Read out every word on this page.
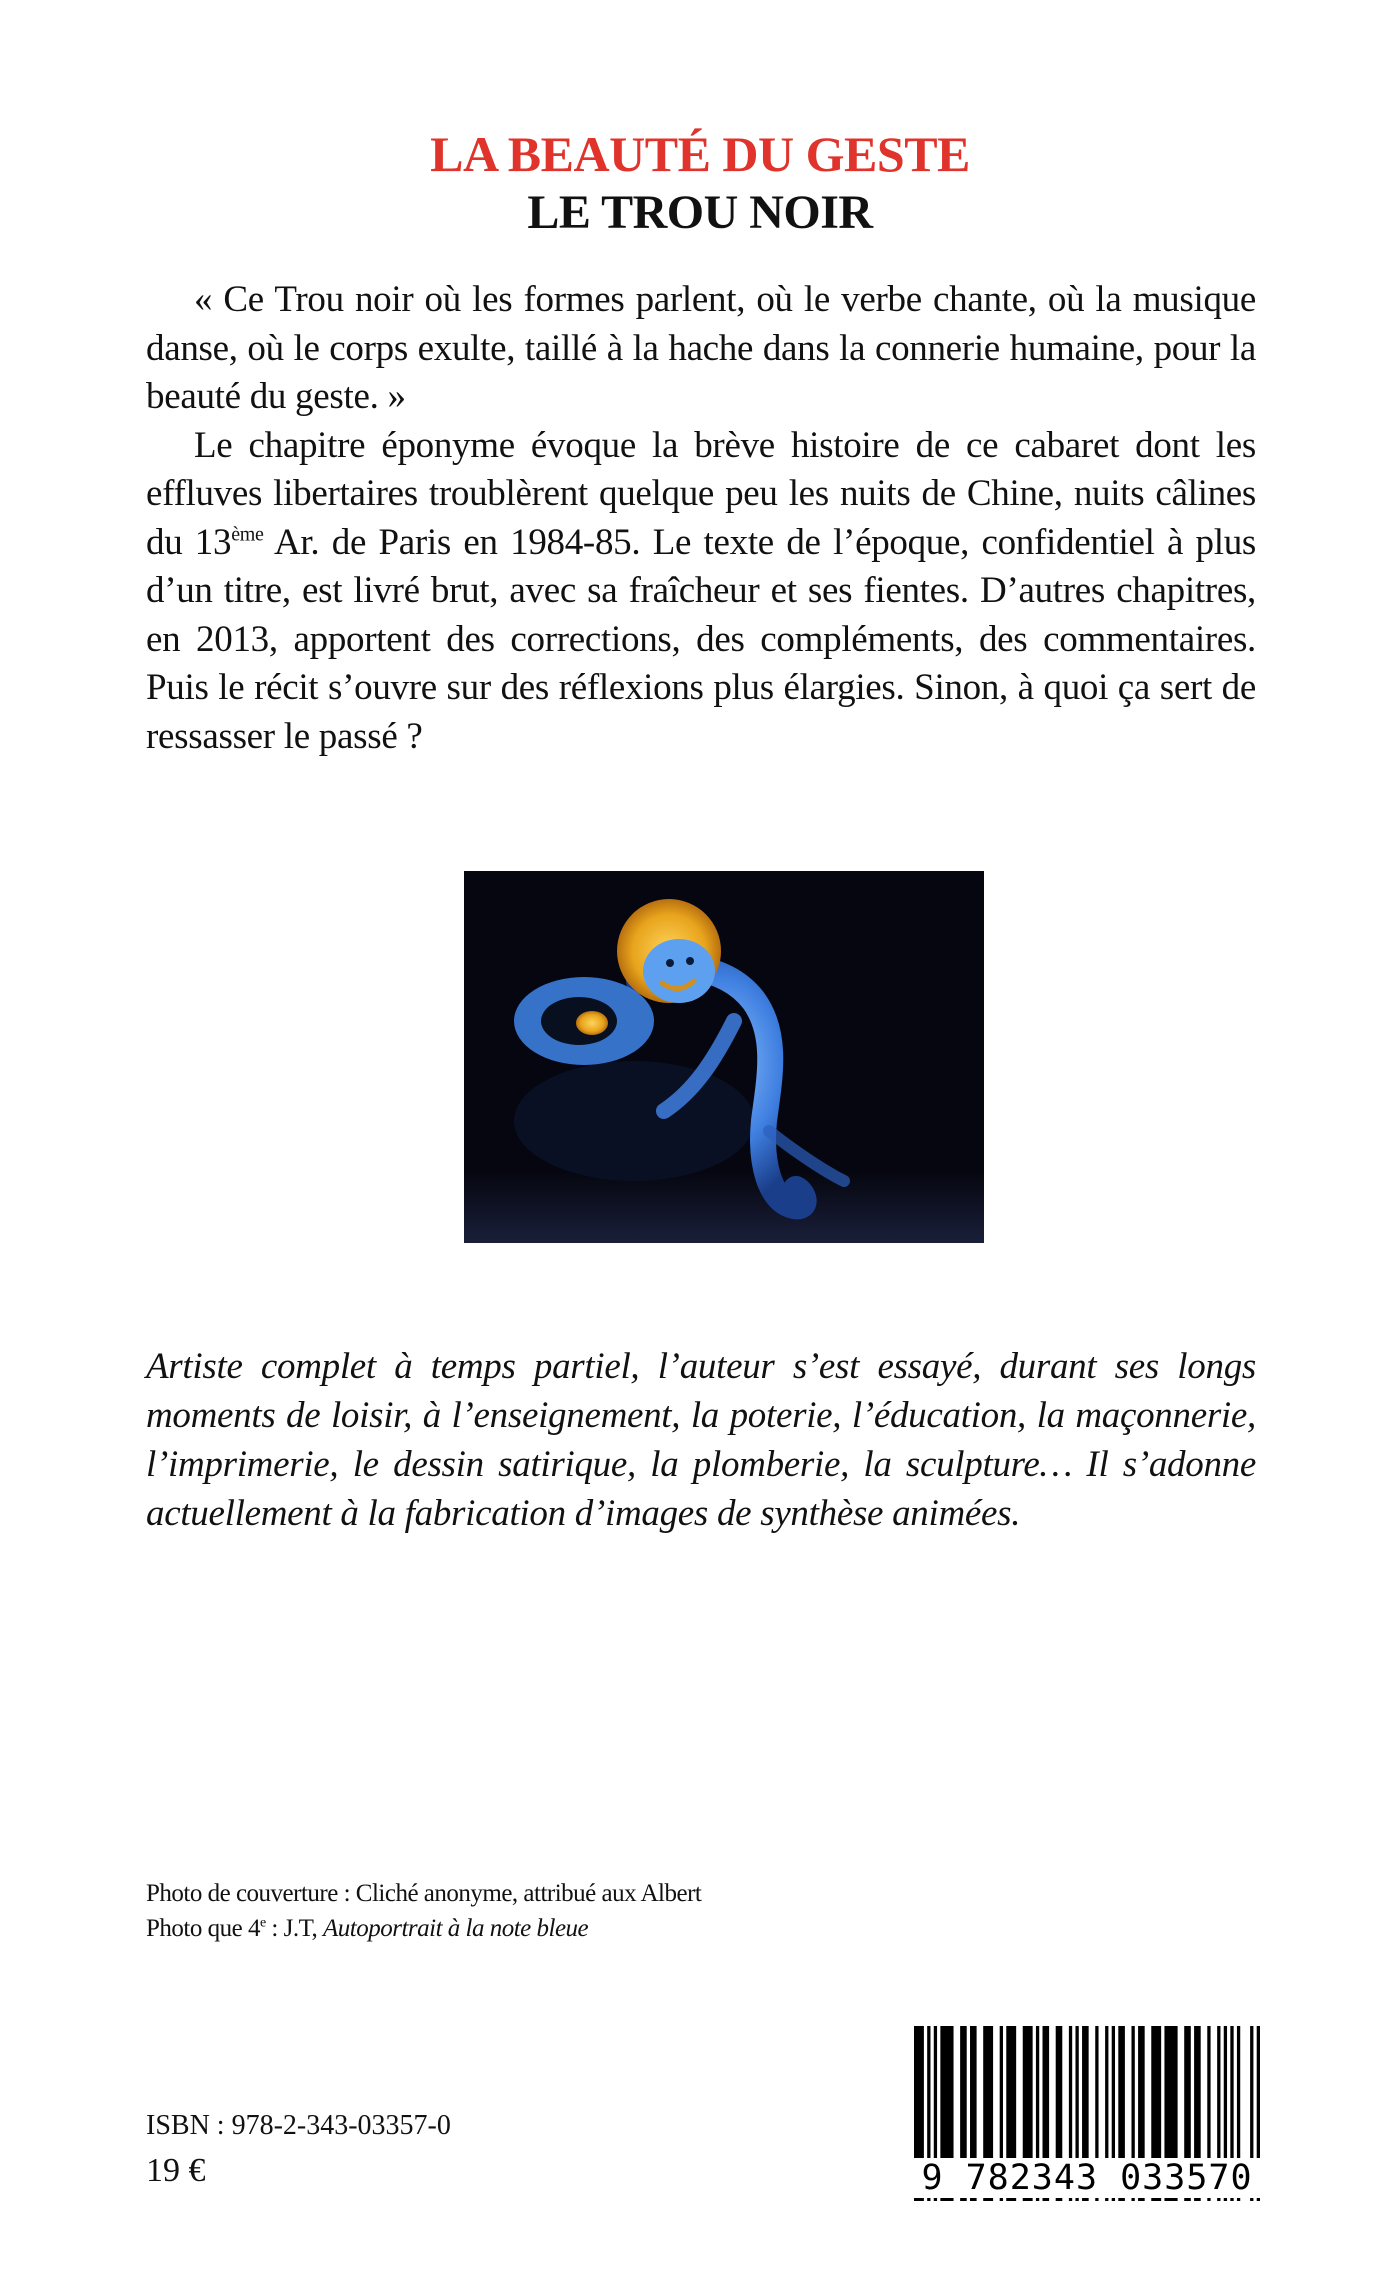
LA BEAUTÉ DU GESTE
LE TROU NOIR

« Ce Trou noir où les formes parlent, où le verbe chante, où la musique danse, où le corps exulte, taillé à la hache dans la connerie humaine, pour la beauté du geste. »

Le chapitre éponyme évoque la brève histoire de ce cabaret dont les effluves libertaires troublèrent quelque peu les nuits de Chine, nuits câlines du 13ème Ar. de Paris en 1984-85. Le texte de l’époque, confidentiel à plus d’un titre, est livré brut, avec sa fraîcheur et ses fientes. D’autres chapitres, en 2013, apportent des corrections, des compléments, des commentaires. Puis le récit s’ouvre sur des réflexions plus élargies. Sinon, à quoi ça sert de ressasser le passé ?

Artiste complet à temps partiel, l’auteur s’est essayé, durant ses longs moments de loisir, à l’enseignement, la poterie, l’éducation, la maçonnerie, l’imprimerie, le dessin satirique, la plomberie, la sculpture… Il s’adonne actuellement à la fabrication d’images de synthèse animées.

Photo de couverture : Cliché anonyme, attribué aux Albert
Photo que 4e : J.T, Autoportrait à la note bleue
ISBN : 978-2-343-03357-0
19 €	9 782343 033570
